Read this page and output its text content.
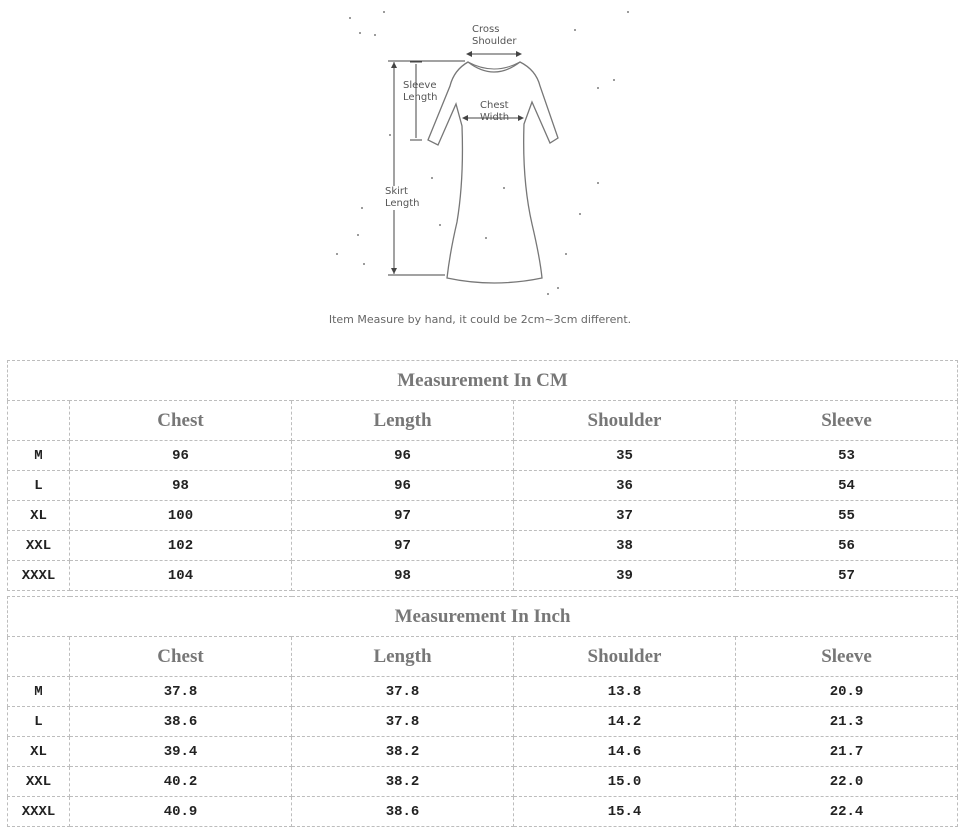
Cross
Shoulder
Sleeve
Length
Chest
Width
Skirt
Length
Item Measure by hand, it could be 2cm~3cm different.
Measurement In CM				
	Chest	Length	Shoulder	Sleeve
M	96	96	35	53
L	98	96	36	54
XL	100	97	37	55
XXL	102	97	38	56
XXXL	104	98	39	57
Measurement In Inch				
	Chest	Length	Shoulder	Sleeve
M	37.8	37.8	13.8	20.9
L	38.6	37.8	14.2	21.3
XL	39.4	38.2	14.6	21.7
XXL	40.2	38.2	15.0	22.0
XXXL	40.9	38.6	15.4	22.4
